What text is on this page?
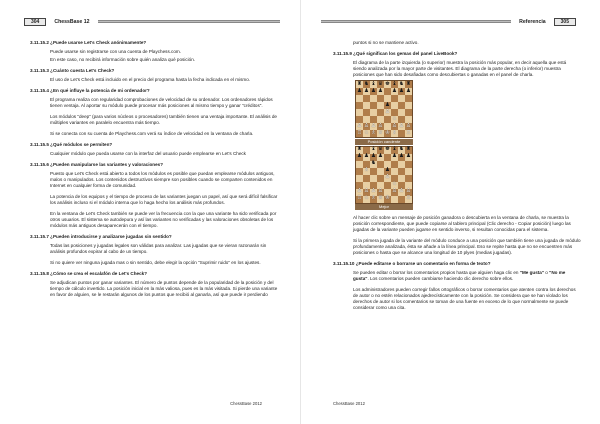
304	ChessBase 12
3.11.15.2 ¿Puede usarse Let's Check anónimamente?
Puede usarse sin registrarse con una cuenta de Playchess.com.
En este caso, no recibirá información sobre quién analiza qué posición.
3.11.15.3 ¿Cuánto cuesta Let's Check?
El uso de Let's Check está incluido en el precio del programa hasta la fecha indicada en el mismo.
3.11.15.4 ¿En qué influye la potencia de mi ordenador?
El programa realiza con regularidad comprobaciones de velocidad de su ordenador. Los ordenadores rápidos tienen ventaja. Al aportar su módulo puede procesar más posiciones al mismo tiempo y ganar "créditos".
Los módulos "deep" (para varios núcleos o procesadores) también tienen una ventaja importante. El análisis de múltiples variantes en paralelo encuentra más tiempo.
Si se conecta con su cuenta de Playchess.com verá su índice de velocidad en la ventana de charla.
3.11.15.5 ¿Qué módulos se permiten?
Cualquier módulo que pueda usarse con la interfaz del usuario puede emplearse en Let's Check
3.11.15.6 ¿Pueden manipularse las variantes y valoraciones?
Puesto que Let's Check está abierto a todos los módulos es posible que puedan emplearse módulos antiguos, malos o manipulados. Los contenidos destructivos siempre son posibles cuando se comparten contenidos en Internet en cualquier forma de comunidad.
La potencia de los equipos y el tiempo de proceso de las variantes juegan un papel, así que será difícil falsificar los análisis incluso si el módulo interna que lo haga hecho los análisis más profundos.
En la ventana de Let's Check también se puede ver la frecuencia con la que una variante ha sido verificada por otros usuarios. El sistema se autodepura y así las variantes no verificadas y las valoraciones obsoletas de los módulos más antiguos desaparecerán con el tiempo.
3.11.15.7 ¿Pueden introducirse y analizarse jugadas sin sentido?
Todas las posiciones y jugadas legales son válidas para analizar. Las jugadas que se vieran razonarán sin análisis profundos expirar al cabo de un tiempo.
Si no quiere ver ninguna jugada mas o sin sentido, debe elegir la opción "Suprimir ruido" en los ajustes.
3.11.15.8 ¿Cómo se crea el escalafón de Let's Check?
Se adjudican puntos por ganar variantes. El número de puntos depende de la popularidad de la posición y del tiempo de cálculo invertido. La posición inicial en la más valiosa, pues es la más visitada. Si pierde una variante en favor de alguien, se le restarán algunos de los puntos que recibió al ganarla, así que puede ir perdiendo
ChessBase 2012
Referencia	305
puntos si no se mantiene activo.
3.11.15.9 ¿Qué significan los gemas del panel LiveBook?
El diagrama de la parte izquierda (o superior) muestra la posición más popular, en decir aquella que está siendo analizada por la mayor parte de visitantes. El diagrama de la parte derecha (o inferior) muestra posiciones que han sido desafiadas como descubiertas o ganadas en el panel de charla.
♜ ♞ ♝ ♛ ♚ ♝ ♞ ♜
♟ ♟ ♟ ♟ ♟ ♟ ♟
♟
♙
♘
♙ ♙ ♙ ♙ ♙ ♙ ♙
♖ ♘ ♗ ♕ ♔ ♗ ♖
Posición candente
♜ ♝ ♛ ♚ ♝ ♞ ♜
♟ ♟ ♟ ♟ ♟ ♟ ♟
♞
♗	♟
♙
♘
♙ ♙ ♙ ♙ ♙ ♙ ♙
♖ ♘ ♗ ♕ ♔	♖
Mejor
Al hacer clic sobre un mensaje de posición ganadora o descubierta en la ventana de charla, se muestra la posición correspondiente, que puede copiarse al tablero principal (Clic derecho - Copiar posición) luego las jugadas de la variante pueden jugarse en sentido inverso, si resultan conocidas para el sistema.
Si la primera jugada de la variante del módulo conduce a una posición que también tiene una jugada de módulo profundamente analizada, ésta se añade a la línea principal. Eso se repite hasta que no se encuentren más posiciones o hasta que se alcance una longitud de 10 plyes (medias jugadas).
3.11.15.10 ¿Puede editarse o borrarse un comentario en forma de texto?
Se pueden editar o borrar los comentarios propios hasta que alguien haga clic en "Me gusta" o "No me gusta". Los comentarios pueden cambiarse haciendo clic derecho sobre ellos.
Los administradores pueden corregir fallos ortográficos o borrar comentarios que atenten contra los derechos de autor o no estén relacionados ajedrecísticamente con la posición. Se considera que se han violado los derechos de autor si los comentarios se toman de una fuente en exceso de lo que normalmente se puede considerar como una cita.
ChessBase 2012
